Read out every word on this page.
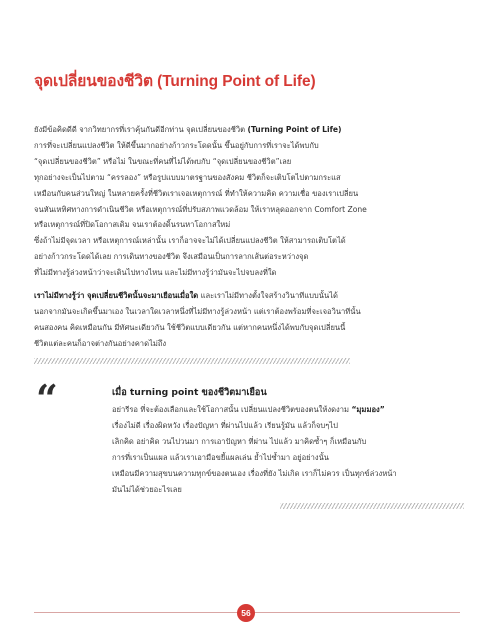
จุดเปลี่ยนของชีวิต (Turning Point of Life)
ยังมีข้อคิดดีดี จากวิทยากรที่เราคุ้นกันดีอีกท่าน จุดเปลี่ยนของชีวิต (Turning Point of Life)
การที่จะเปลี่ยนแปลงชีวิต ให้ดีขึ้นมากอย่างก้าวกระโดดนั้น ขึ้นอยู่กับการที่เราจะได้พบกับ
“จุดเปลี่ยนของชีวิต” หรือไม่ ในขณะที่คนที่ไม่ได้พบกับ “จุดเปลี่ยนของชีวิต”เลย
ทุกอย่างจะเป็นไปตาม “ครรลอง” หรือรูปแบบมาตรฐานของสังคม ชีวิตก็จะเติบโตไปตามกระแส
เหมือนกับคนส่วนใหญ่ ในหลายครั้งที่ชีวิตเราเจอเหตุการณ์ ที่ทำให้ความคิด ความเชื่อ ของเราเปลี่ยน
จนหันเหทิศทางการดำเนินชีวิต หรือเหตุการณ์ที่ปรับสภาพแวดล้อม ให้เราหลุดออกจาก Comfort Zone
หรือเหตุการณ์ที่ปิดโอกาสเดิม จนเราต้องดิ้นรนหาโอกาสใหม่
ซึ่งถ้าไม่มีจุดเวลา หรือเหตุการณ์เหล่านั้น เราก็อาจจะไม่ได้เปลี่ยนแปลงชีวิต ให้สามารถเติบโตได้
อย่างก้าวกระโดดได้เลย การเดินทางของชีวิต จึงเสมือนเป็นการลากเส้นต่อระหว่างจุด
ที่ไม่มีทางรู้ล่วงหน้าว่าจะเดินไปทางไหน และไม่มีทางรู้ว่ามันจะไปจบลงที่ใด
เราไม่มีทางรู้ว่า จุดเปลี่ยนชีวิตนั้นจะมาเยือนเมื่อใด และเราไม่มีทางตั้งใจสร้างวินาทีแบบนั้นได้
นอกจากมันจะเกิดขึ้นมาเอง ในเวลาใดเวลาหนึ่งที่ไม่มีทางรู้ล่วงหน้า แต่เราต้องพร้อมที่จะเจอวินาทีนั้น
คนสองคน คิดเหมือนกัน มีทัศนะเดียวกัน ใช้ชีวิตแบบเดียวกัน แต่หากคนหนึ่งได้พบกับจุดเปลี่ยนนี้
ชีวิตแต่ละคนก็อาจต่างกันอย่างคาดไม่ถึง
“	เมื่อ turning point ของชีวิตมาเยือน
อย่ารีรอ ที่จะต้องเลือกและใช้โอกาสนั้น เปลี่ยนแปลงชีวิตของตนให้งดงาม “มุมมอง”
เรื่องไม่ดี เรื่องผิดหวัง เรื่องปัญหา ที่ผ่านไปแล้ว เรียนรู้มัน แล้วก็จบๆไป
เลิกคิด อย่าคิด วนไปวนมา การเอาปัญหา ที่ผ่าน ไปแล้ว มาคิดซ้ำๆ ก็เหมือนกับ
การที่เราเป็นแผล แล้วเราเอามือขยี้แผลเล่น ย้ำไปซ้ำมา อยู่อย่างนั้น
เหมือนมีความสุขบนความทุกข์ของตนเอง เรื่องที่ยัง ไม่เกิด เราก็ไม่ควร เป็นทุกข์ล่วงหน้า
มันไม่ได้ช่วยอะไรเลย
56
